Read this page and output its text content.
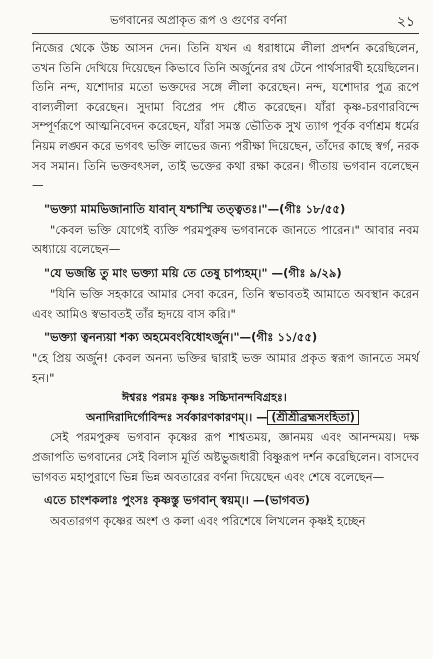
ভগবানের অপ্রাকৃত রূপ ও গুণের বর্ণনা	২১

নিজের থেকে উচ্চ আসন দেন। তিনি যখন এ ধরাধামে লীলা প্রদর্শন করেছিলেন, তখন তিনি দেখিয়ে দিয়েছেন কিভাবে তিনি অর্জুনের রথ টেনে পার্থসারথী হয়েছিলেন। তিনি নন্দ, যশোদার মতো ভক্তদের সঙ্গে লীলা করেছেন। নন্দ, যশোদার পুত্র রূপে বাল্যলীলা করেছেন। সুদামা বিপ্রের পদ ধৌত করেছেন। যাঁরা কৃষ্ণ-চরণারবিন্দে সম্পূর্ণরূপে আত্মনিবেদন করেছেন, যাঁরা সমস্ত ভৌতিক সুখ ত্যাগ পূর্বক বর্ণাশ্রম ধর্মের নিয়ম লঙ্ঘন করে ভগবৎ ভক্তি লাভের জন্য পরীক্ষা দিয়েছেন, তাঁদের কাছে স্বর্গ, নরক সব সমান। তিনি ভক্তবৎসল, তাই ভক্তের কথা রক্ষা করেন। গীতায় ভগবান বলেছেন—

"ভক্ত্যা মামভিজানাতি যাবান্ যশ্চাস্মি তত্ত্বতঃ।"—(গীঃ ১৮/৫৫)

"কেবল ভক্তি যোগেই ব্যক্তি পরমপুরুষ ভগবানকে জানতে পারেন।" আবার নবম অধ্যায়ে বলেছেন—

"যে ভজন্তি তু মাং ভক্ত্যা ময়ি তে তেষু চাপ্যহম্।" —(গীঃ ৯/২৯)

"যিনি ভক্তি সহকারে আমার সেবা করেন, তিনি স্বভাবতই আমাতে অবস্থান করেন এবং আমিও স্বভাবতই তাঁর হৃদয়ে বাস করি।"

"ভক্ত্যা ত্বনন্যয়া শক্য অহমেবংবিধোঽর্জুন।"—(গীঃ ১১/৫৫)

"হে প্রিয় অর্জুন! কেবল অনন্য ভক্তির দ্বারাই ভক্ত আমার প্রকৃত স্বরূপ জানতে সমর্থ হন।"

ঈশ্বরঃ পরমঃ কৃষ্ণঃ সচ্চিদানন্দবিগ্রহঃ।
অনাদিরাদির্গোবিন্দঃ সর্বকারণকারণম্।। — (শ্রীশ্রীব্রহ্মসংহিতা)

সেই পরমপুরুষ ভগবান কৃষ্ণের রূপ শাশ্বতময়, জ্ঞানময় এবং আনন্দময়। দক্ষ প্রজাপতি ভগবানের সেই বিলাস মূর্তি অষ্টভুজধারী বিষ্ণুরূপ দর্শন করেছিলেন। বাসদেব ভাগবত মহাপুরাণে ভিন্ন ভিন্ন অবতারের বর্ণনা দিয়েছেন এবং শেষে বলেছেন—

এতে চাংশকলাঃ পুংসঃ কৃষ্ণস্তু ভগবান্ স্বয়ম্।। —(ভাগবত)

অবতারগণ কৃষ্ণের অংশ ও কলা এবং পরিশেষে লিখলেন কৃষ্ণই হচ্ছেন
